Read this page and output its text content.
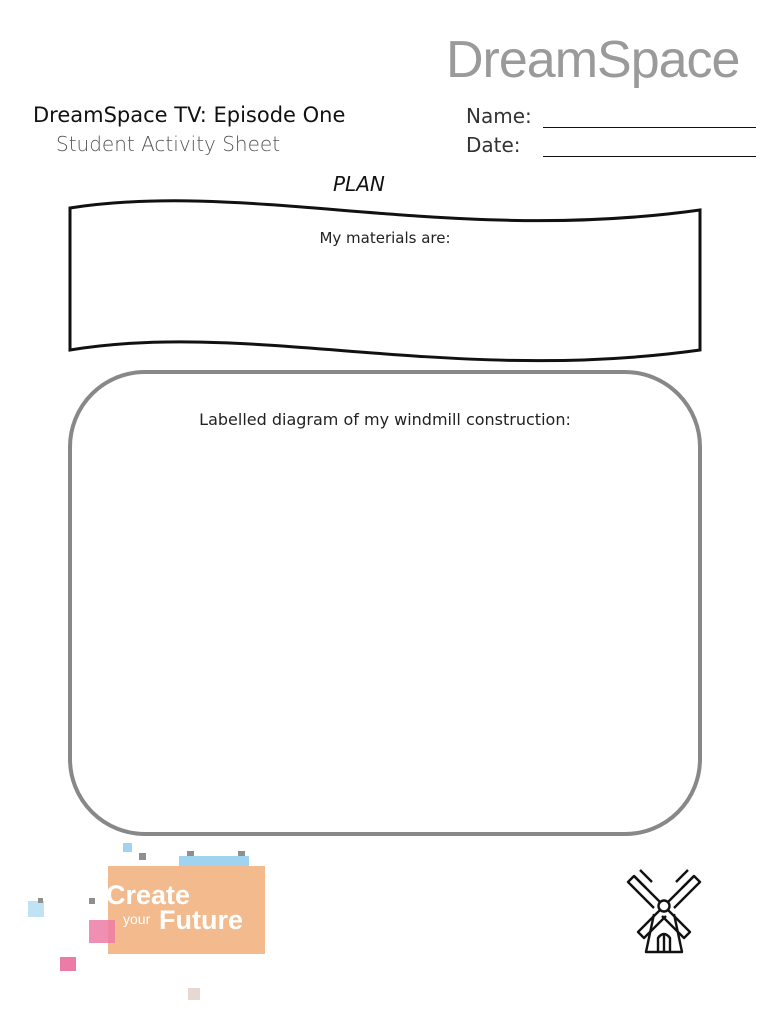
DreamSpace
DreamSpace TV: Episode One
Student Activity Sheet
Name:
Date:
PLAN
My materials are:
Labelled diagram of my windmill construction:
Create
your Future
